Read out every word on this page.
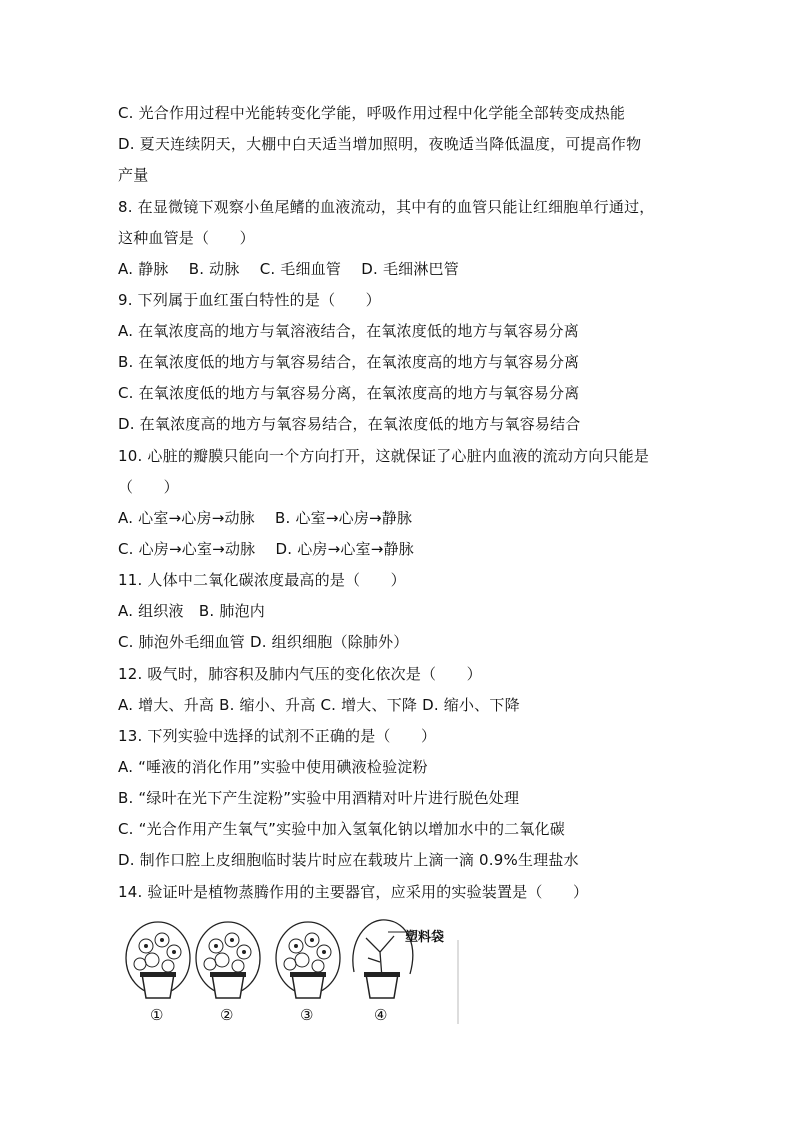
C. 光合作用过程中光能转变化学能，呼吸作用过程中化学能全部转变成热能
D. 夏天连续阴天，大棚中白天适当增加照明，夜晚适当降低温度，可提高作物
产量
8. 在显微镜下观察小鱼尾鳍的血液流动，其中有的血管只能让红细胞单行通过，
这种血管是（　　）
A. 静脉　 B. 动脉　 C. 毛细血管　 D. 毛细淋巴管
9. 下列属于血红蛋白特性的是（　　）
A. 在氧浓度高的地方与氧溶液结合，在氧浓度低的地方与氧容易分离
B. 在氧浓度低的地方与氧容易结合，在氧浓度高的地方与氧容易分离
C. 在氧浓度低的地方与氧容易分离，在氧浓度高的地方与氧容易分离
D. 在氧浓度高的地方与氧容易结合，在氧浓度低的地方与氧容易结合
10. 心脏的瓣膜只能向一个方向打开，这就保证了心脏内血液的流动方向只能是
（　　）
A. 心室→心房→动脉　 B. 心室→心房→静脉
C. 心房→心室→动脉　 D. 心房→心室→静脉
11. 人体中二氧化碳浓度最高的是（　　）
A. 组织液　B. 肺泡内
C. 肺泡外毛细血管 D. 组织细胞（除肺外）
12. 吸气时，肺容积及肺内气压的变化依次是（　　）
A. 增大、升高 B. 缩小、升高 C. 增大、下降 D. 缩小、下降
13. 下列实验中选择的试剂不正确的是（　　）
A. “唾液的消化作用”实验中使用碘液检验淀粉
B. “绿叶在光下产生淀粉”实验中用酒精对叶片进行脱色处理
C. “光合作用产生氧气”实验中加入氢氧化钠以增加水中的二氧化碳
D. 制作口腔上皮细胞临时装片时应在载玻片上滴一滴 0.9%生理盐水
14. 验证叶是植物蒸腾作用的主要器官，应采用的实验装置是（　　）
①	②	③	④
塑料袋
